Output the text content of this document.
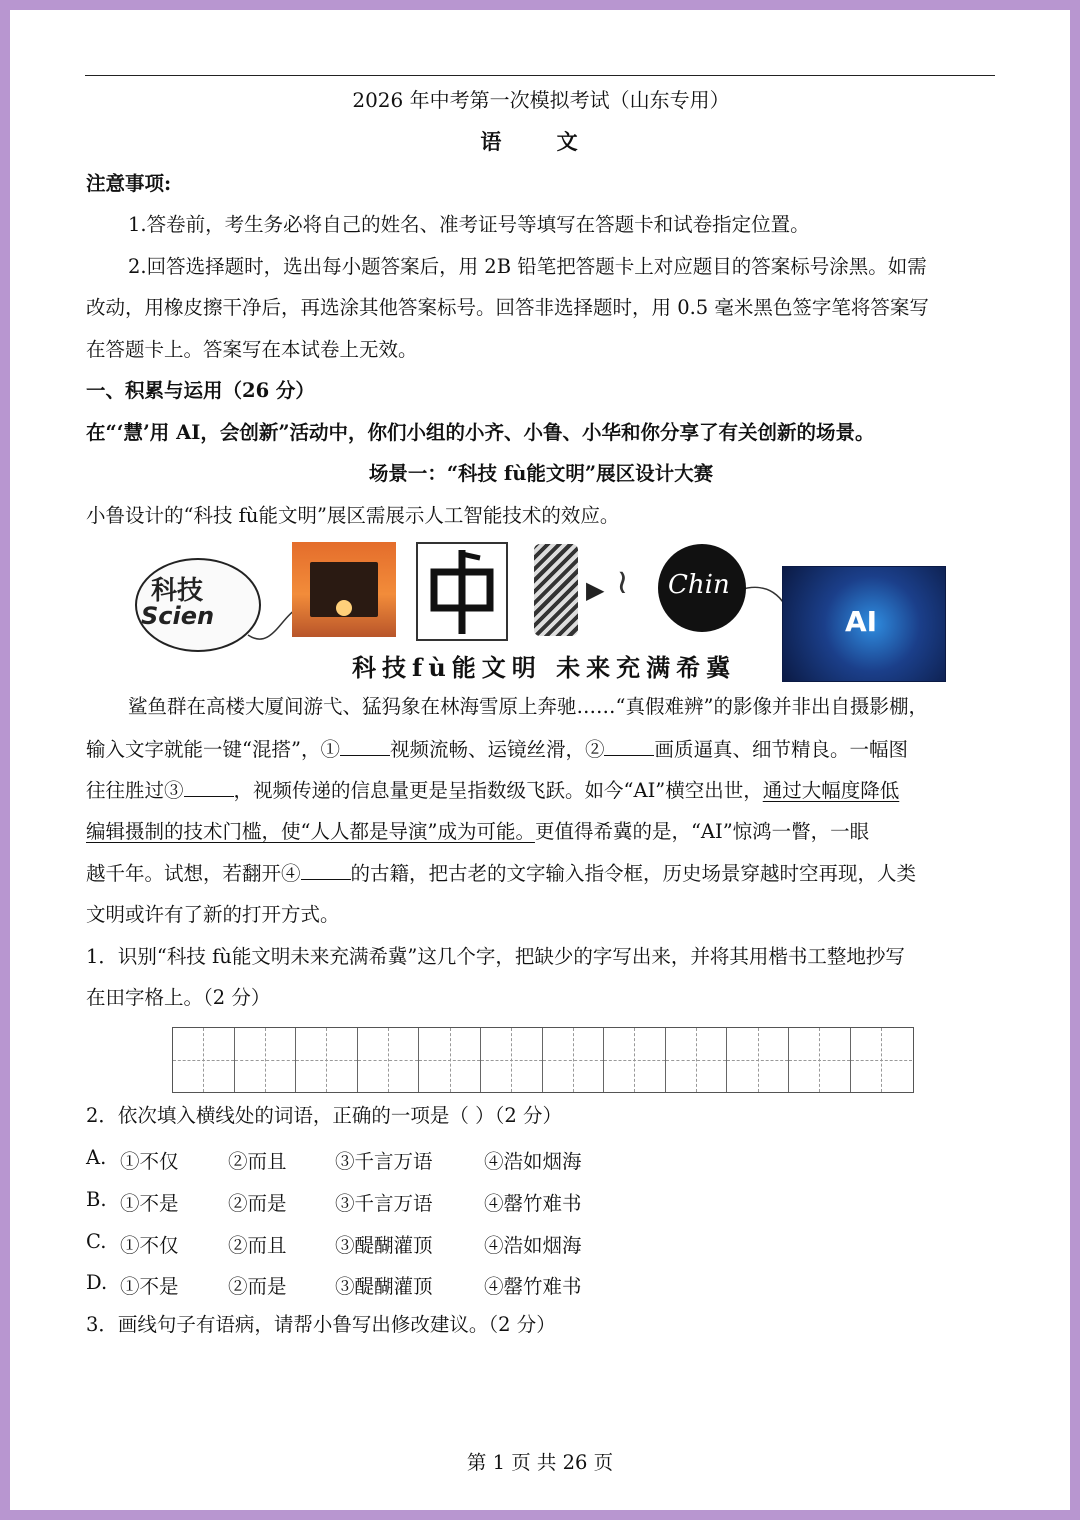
2026 年中考第一次模拟考试（山东专用）
语 文
注意事项:
1.答卷前，考生务必将自己的姓名、准考证号等填写在答题卡和试卷指定位置。
2.回答选择题时，选出每小题答案后，用 2B 铅笔把答题卡上对应题目的答案标号涂黑。如需
改动，用橡皮擦干净后，再选涂其他答案标号。回答非选择题时，用 0.5 毫米黑色签字笔将答案写
在答题卡上。答案写在本试卷上无效。
一、积累与运用（26 分）
在“‘慧’用 AI，会创新”活动中，你们小组的小齐、小鲁、小华和你分享了有关创新的场景。
场景一：“科技 fù能文明”展区设计大赛
小鲁设计的“科技 fù能文明”展区需展示人工智能技术的效应。
科技
Scien
▶ ≀ Chin
AI
科技fù能文明 未来充满希冀
鲨鱼群在高楼大厦间游弋、猛犸象在林海雪原上奔驰……“真假难辨”的影像并非出自摄影棚，
输入文字就能一键“混搭”，①	视频流畅、运镜丝滑，②	画质逼真、细节精良。一幅图
往往胜过③	，视频传递的信息量更是呈指数级飞跃。如今“AI”横空出世，通过大幅度降低
编辑摄制的技术门槛，使“人人都是导演”成为可能。更值得希冀的是，“AI”惊鸿一瞥，一眼
越千年。试想，若翻开④	的古籍，把古老的文字输入指令框，历史场景穿越时空再现，人类
文明或许有了新的打开方式。
1．识别“科技 fù能文明未来充满希冀”这几个字，把缺少的字写出来，并将其用楷书工整地抄写
在田字格上。（2 分）
2．依次填入横线处的词语，正确的一项是（ ）（2 分）
A. ①不仅	②而且 ③千言万语	④浩如烟海
B. ①不是	②而是 ③千言万语	④罄竹难书
C. ①不仅	②而且 ③醍醐灌顶	④浩如烟海
D. ①不是	②而是 ③醍醐灌顶	④罄竹难书
3．画线句子有语病，请帮小鲁写出修改建议。（2 分）
第 1 页 共 26 页
